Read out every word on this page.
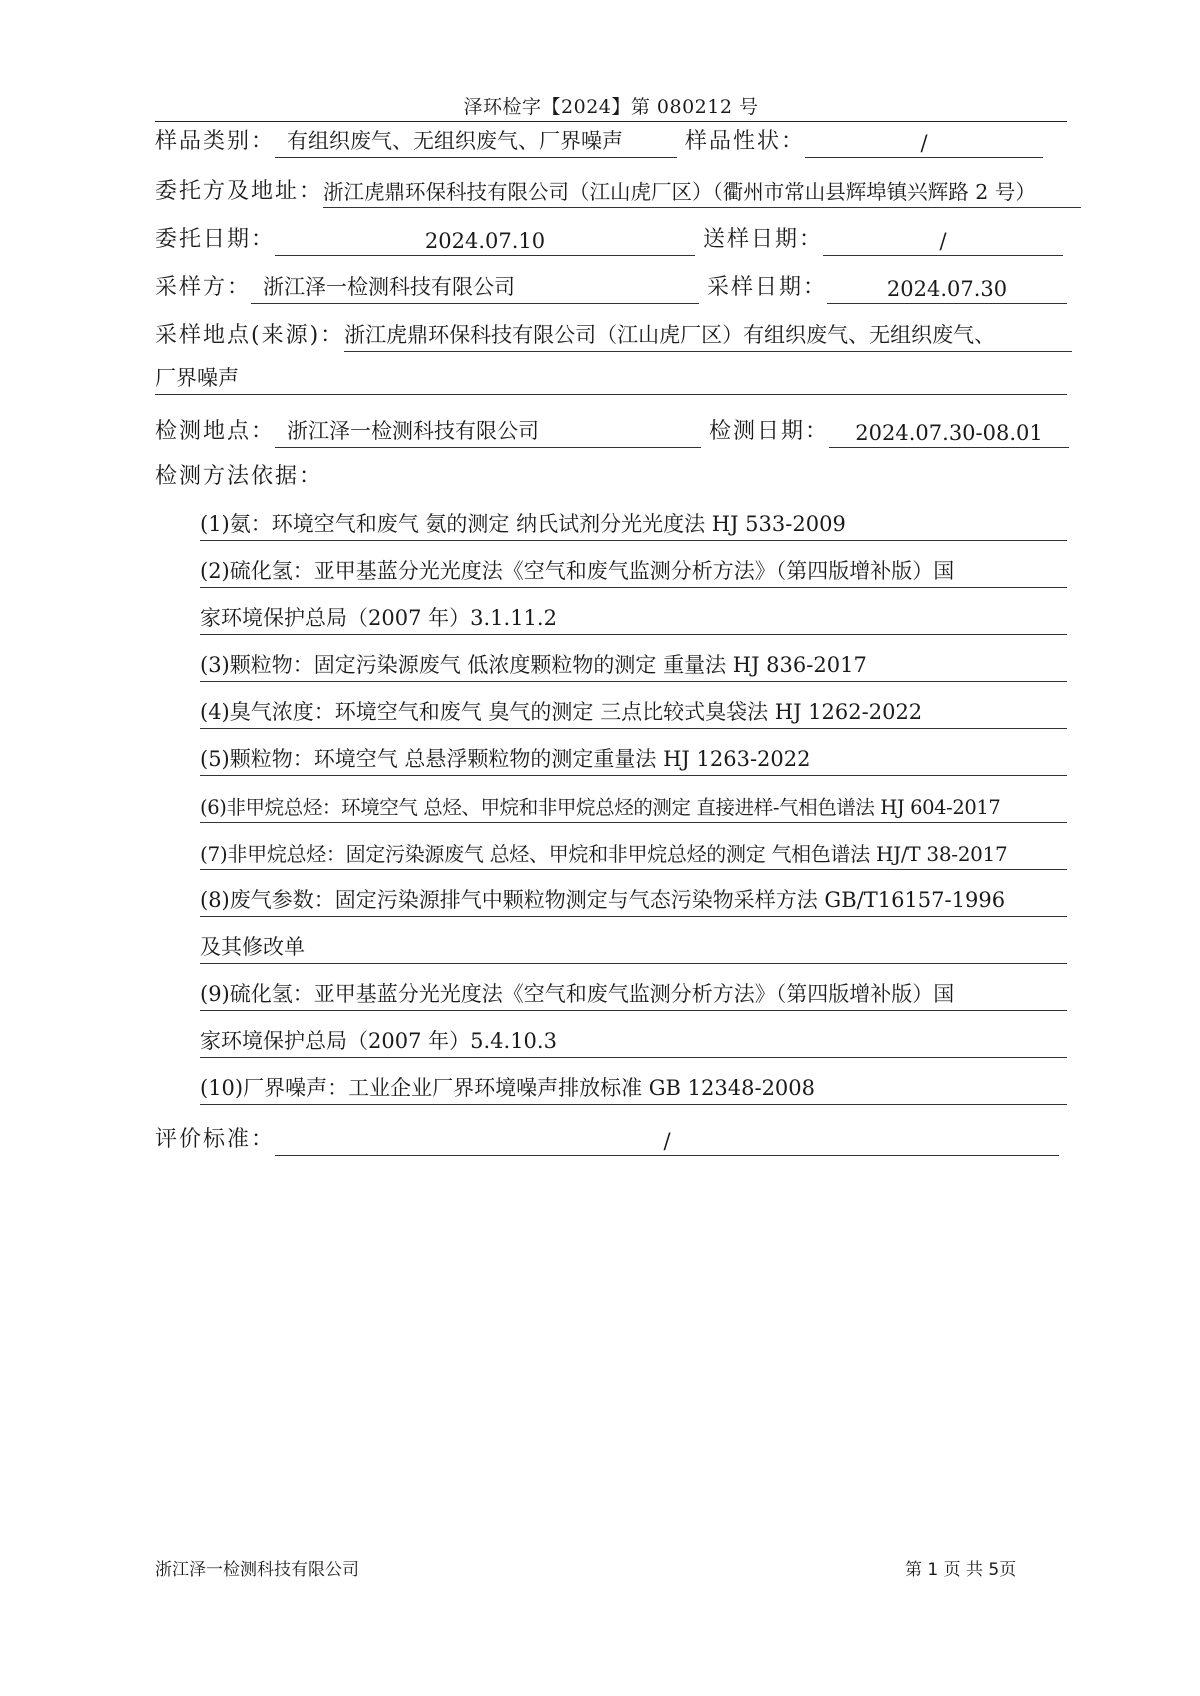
泽环检字【2024】第 080212 号
样品类别： 有组织废气、无组织废气、厂界噪声	样品性状：	/
委托方及地址： 浙江虎鼎环保科技有限公司（江山虎厂区）（衢州市常山县辉埠镇兴辉路 2 号）
委托日期：	2024.07.10	送样日期：	/
采样方： 浙江泽一检测科技有限公司	采样日期：	2024.07.30
采样地点(来源)： 浙江虎鼎环保科技有限公司（江山虎厂区）有组织废气、无组织废气、
厂界噪声
检测地点： 浙江泽一检测科技有限公司	检测日期：	2024.07.30-08.01
检测方法依据：
(1)氨：环境空气和废气 氨的测定 纳氏试剂分光光度法 HJ 533-2009
(2)硫化氢：亚甲基蓝分光光度法《空气和废气监测分析方法》（第四版增补版）国
家环境保护总局（2007 年）3.1.11.2
(3)颗粒物：固定污染源废气 低浓度颗粒物的测定 重量法 HJ 836-2017
(4)臭气浓度：环境空气和废气 臭气的测定 三点比较式臭袋法 HJ 1262-2022
(5)颗粒物：环境空气 总悬浮颗粒物的测定重量法 HJ 1263-2022
(6)非甲烷总烃：环境空气 总烃、甲烷和非甲烷总烃的测定 直接进样-气相色谱法 HJ 604-2017
(7)非甲烷总烃：固定污染源废气 总烃、甲烷和非甲烷总烃的测定 气相色谱法 HJ/T 38-2017
(8)废气参数：固定污染源排气中颗粒物测定与气态污染物采样方法 GB/T16157-1996
及其修改单
(9)硫化氢：亚甲基蓝分光光度法《空气和废气监测分析方法》（第四版增补版）国
家环境保护总局（2007 年）5.4.10.3
(10)厂界噪声：工业企业厂界环境噪声排放标准 GB 12348-2008
评价标准：	/
浙江泽一检测科技有限公司	第 1 页 共 5页
